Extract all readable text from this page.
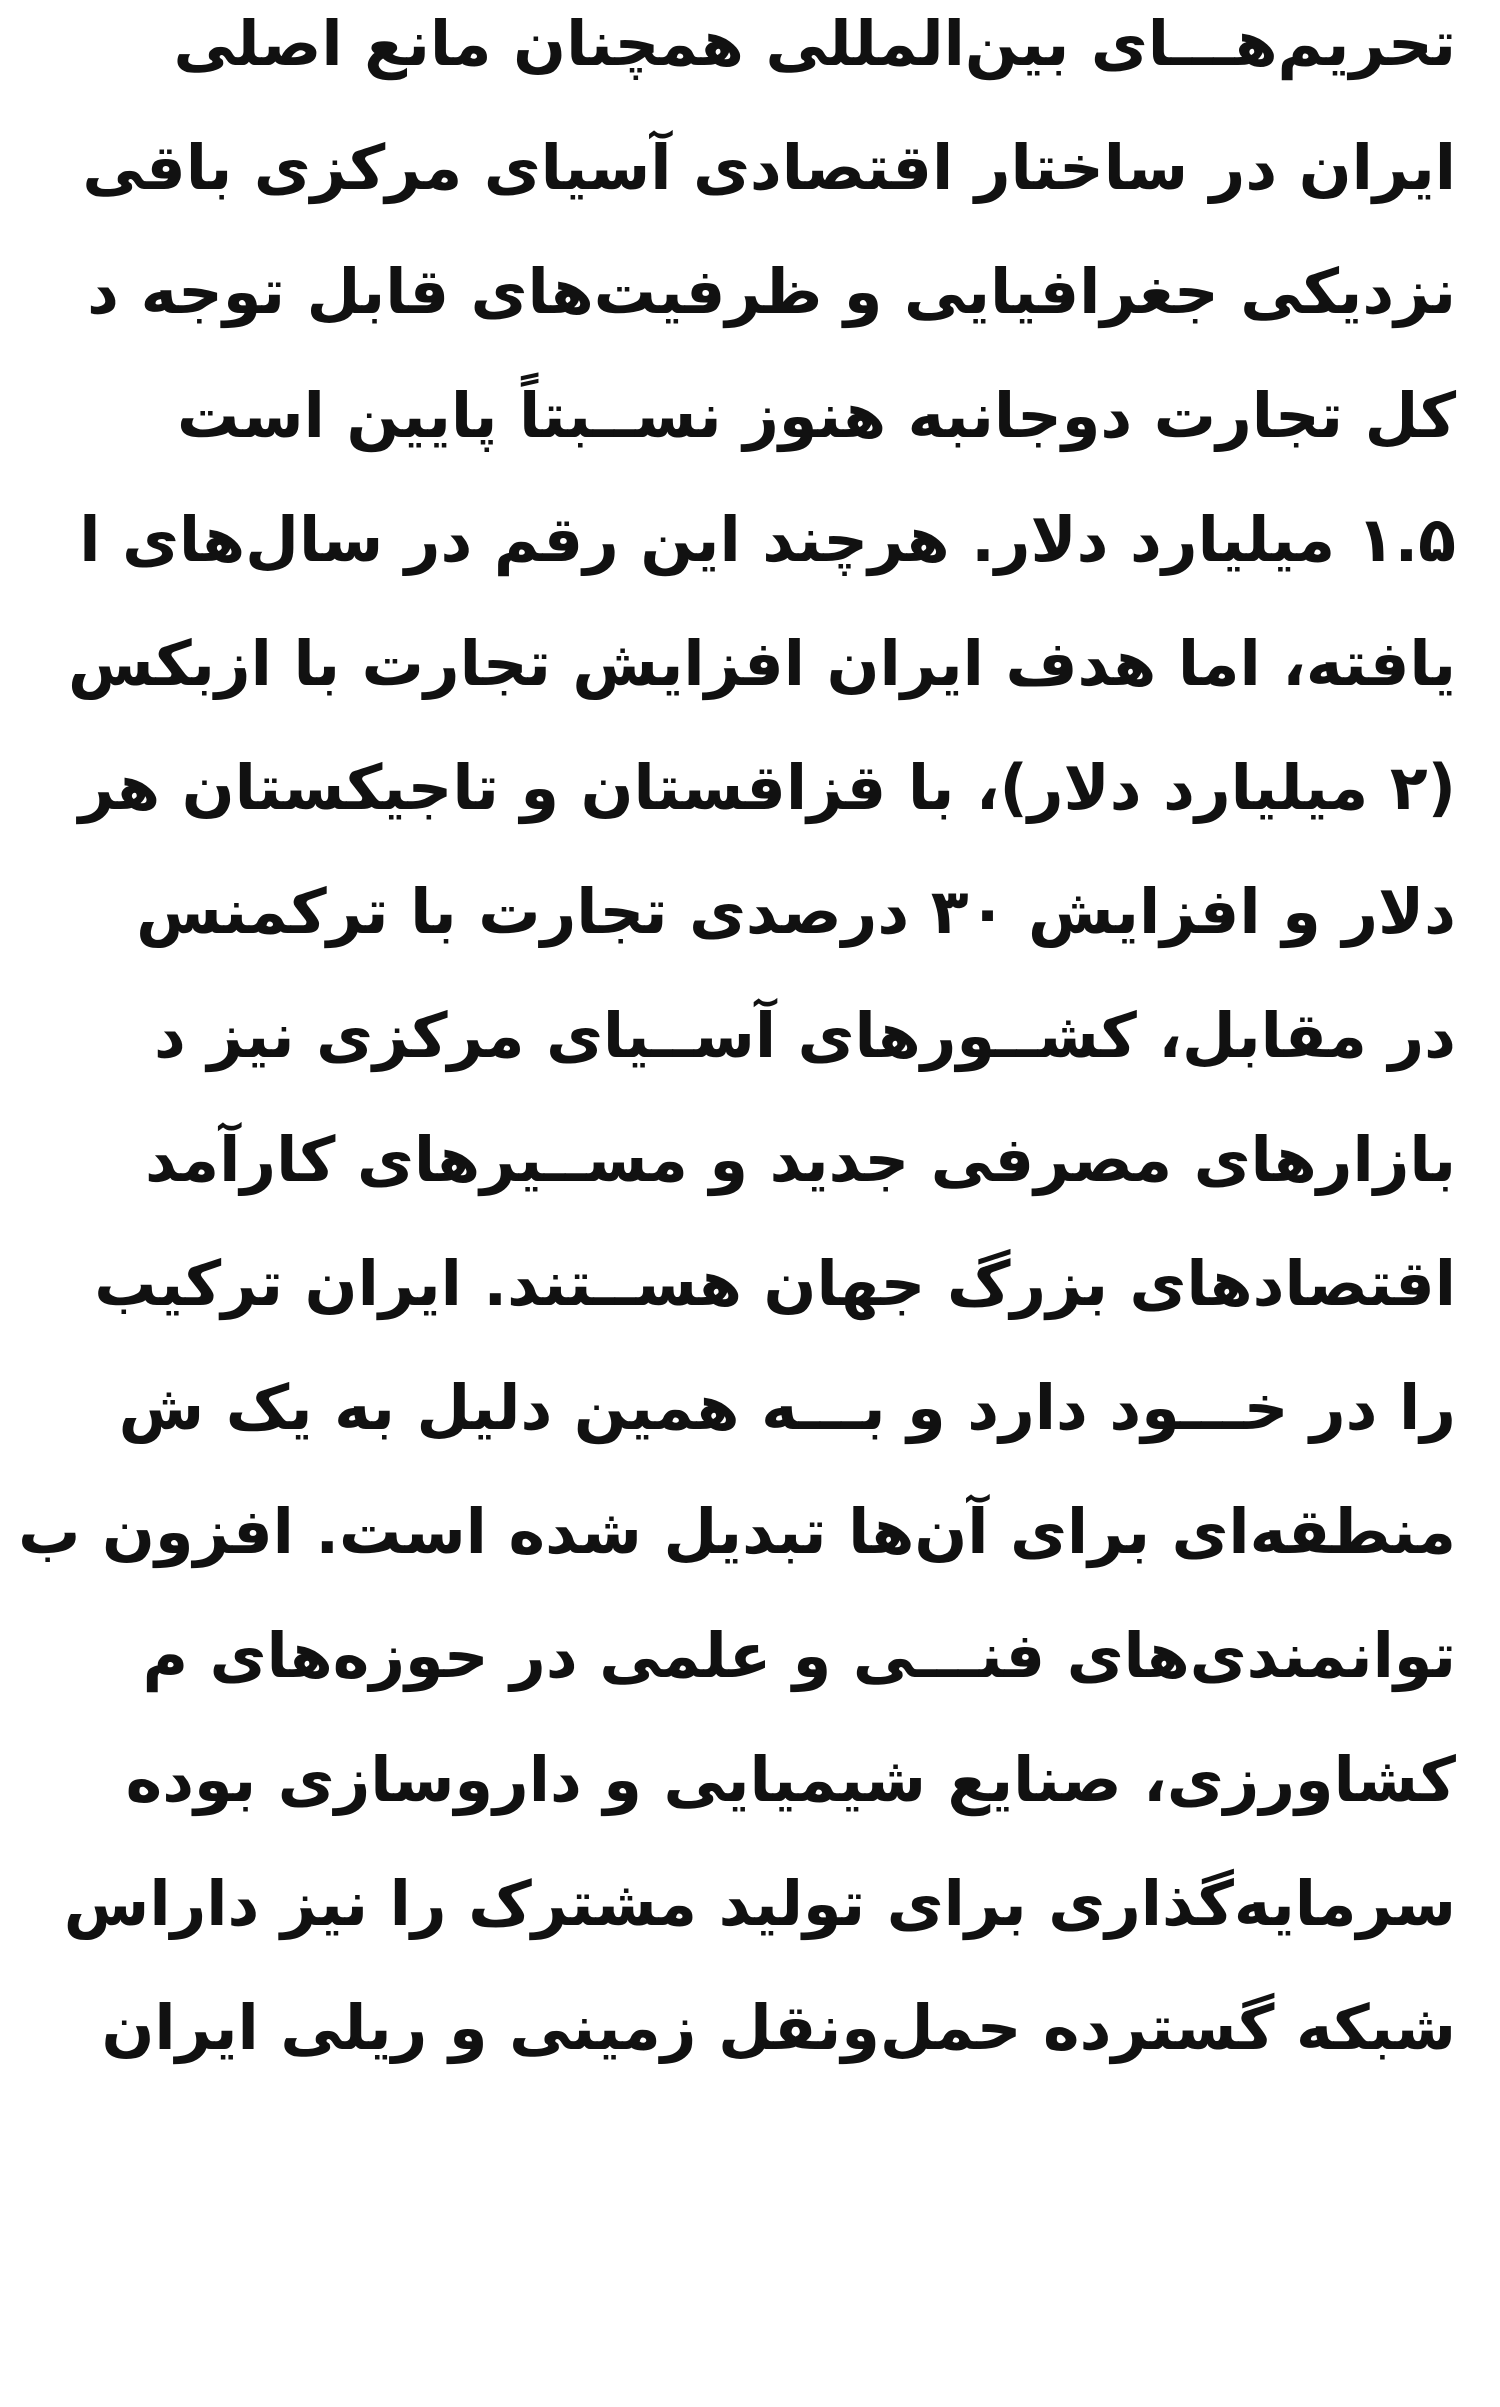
تحریم‌هـــای بین‌المللی همچنان مانع اصلی
ایران در ساختار اقتصادی آسیای مرکزی باقی
نزدیکی جغرافیایی و ظرفیت‌های قابل توجه د
کل تجارت دوجانبه هنوز نســبتاً پایین است
۱.۵ میلیارد دلار. هرچند این رقم در سال‌های ا
یافته، اما هدف ایران افزایش تجارت با ازبکس
(۲ میلیارد دلار)، با قزاقستان و تاجیکستان هر
دلار و افزایش ۳۰ درصدی تجارت با ترکمنس
در مقابل، کشــورهای آســیای مرکزی نیز د
بازارهای مصرفی جدید و مســیرهای کارآمد
اقتصادهای بزرگ جهان هســتند. ایران ترکیب
را در خـــود دارد و بـــه همین دلیل به یک ش
منطقه‌ای برای آن‌ها تبدیل شده است. افزون ب
توانمندی‌های فنـــی و علمی در حوزه‌های م
کشاورزی، صنایع شیمیایی و داروسازی بوده
سرمایه‌گذاری برای تولید مشترک را نیز داراس
شبکه گسترده حمل‌ونقل زمینی و ریلی ایران
